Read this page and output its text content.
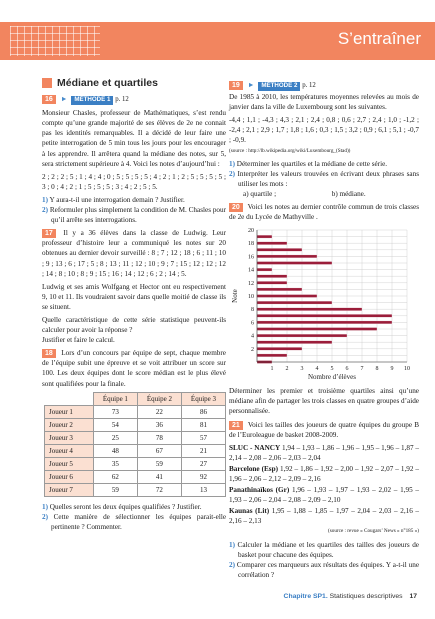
S’entraîner
Médiane et quartiles

16 ► MÉTHODE 1 p. 12

Monsieur Chasles, professeur de Mathématiques, s’est rendu compte qu’une grande majorité de ses élèves de 2e ne connait pas les identités remarquables. Il a décidé de leur faire une petite interrogation de 5 min tous les jours pour les encourager à les apprendre. Il arrêtera quand la médiane des notes, sur 5, sera strictement supérieure à 4. Voici les notes d’aujourd’hui :

2 ; 2 ; 2 ; 5 ; 1 ; 4 ; 4 ; 0 ; 5 ; 5 ; 5 ; 5 ; 4 ; 2 ; 1 ; 2 ; 5 ; 5 ; 5 ; 5 ; 3 ; 0 ; 4 ; 2 ; 1 ; 5 ; 5 ; 5 ; 3 ; 4 ; 2 ; 5 ; 5.

1) Y aura-t-il une interrogation demain ? Justifier.

2) Reformuler plus simplement la condition de M. Chasles pour qu’il arrête ses interrogations.

17 Il y a 36 élèves dans la classe de Ludwig. Leur professeur d’histoire leur a communiqué les notes sur 20 obtenues au dernier devoir surveillé : 8 ; 7 ; 12 ; 18 ; 6 ; 11 ; 10 ; 9 ; 13 ; 6 ; 17 ; 5 ; 8 ; 13 ; 11 ; 12 ; 10 ; 9 ; 7 ; 15 ; 12 ; 12 ; 12 ; 14 ; 8 ; 10 ; 8 ; 9 ; 15 ; 16 ; 14 ; 12 ; 6 ; 2 ; 14 ; 5.

Ludwig et ses amis Wolfgang et Hector ont eu respectivement 9, 10 et 11. Ils voudraient savoir dans quelle moitié de classe ils se situent.

Quelle caractéristique de cette série statistique peuvent-ils calculer pour avoir la réponse ?

Justifier et faire le calcul.

18 Lors d’un concours par équipe de sept, chaque membre de l’équipe subit une épreuve et se voit attribuer un score sur 100. Les deux équipes dont le score médian est le plus élevé sont qualifiées pour la finale.

	Équipe 1	Équipe 2	Équipe 3
Joueur 1	73	22	86
Joueur 2	54	36	81
Joueur 3	25	78	57
Joueur 4	48	67	21
Joueur 5	35	59	27
Joueur 6	62	41	92
Joueur 7	59	72	13

1) Quelles seront les deux équipes qualifiées ? Justifier.

2) Cette manière de sélectionner les équipes parait-elle pertinente ? Commenter.

19 ► MÉTHODE 2 p. 12

De 1985 à 2010, les températures moyennes relevées au mois de janvier dans la ville de Luxembourg sont les suivantes.

-4,4 ; 1,1 ; -4,3 ; 4,3 ; 2,1 ; 2,4 ; 0,8 ; 0,6 ; 2,7 ; 2,4 ; 1,0 ; -1,2 ; -2,4 ; 2,1 ; 2,9 ; 1,7 ; 1,8 ; 1,6 ; 0,3 ; 1,5 ; 3,2 ; 0,9 ; 6,1 ; 5,1 ; -0,7 ; -0,9.

(source : http://lb.wikipedia.org/wiki/Luxembourg_(Stad))

1) Déterminer les quartiles et la médiane de cette série.

2) Interpréter les valeurs trouvées en écrivant deux phrases sans utiliser les mots :

a) quartile ;	b) médiane.

20 Voici les notes au dernier contrôle commun de trois classes de 2e du Lycée de Mathyville .

2
4
6
8
10
12
14
16
18
20
1 2 3 4 5 6 7 8 9 10
Note
Nombre d’élèves

Déterminer les premier et troisième quartiles ainsi qu’une médiane afin de partager les trois classes en quatre groupes d’aide personnalisée.

21 Voici les tailles des joueurs de quatre équipes du groupe B de l’Euroleague de basket 2008-2009.

SLUC - NANCY 1,94 – 1,93 – 1,86 – 1,96 – 1,95 – 1,96 – 1,87 – 2,14 – 2,08 – 2,06 – 2,03 – 2,04

Barcelone (Esp) 1,92 – 1,86 – 1,92 – 2,00 – 1,92 – 2,07 – 1,92 – 1,96 – 2,06 – 2,12 – 2,09 – 2,16

Panathinaïkos (Gr) 1,96 – 1,93 – 1,97 – 1,93 – 2,02 – 1,95 – 1,93 – 2,06 – 2,04 – 2,08 – 2,09 – 2,10

Kaunas (Lit) 1,95 – 1,88 – 1,85 – 1,97 – 2,04 – 2,03 – 2,16 – 2,16 – 2,13

(source : revue « Cougars’ News » n°185 »)

1) Calculer la médiane et les quartiles des tailles des joueurs de basket pour chacune des équipes.

2) Comparer ces marqueurs aux résultats des équipes. Y a-t-il une corrélation ?

Chapitre SP1. Statistiques descriptives 17
